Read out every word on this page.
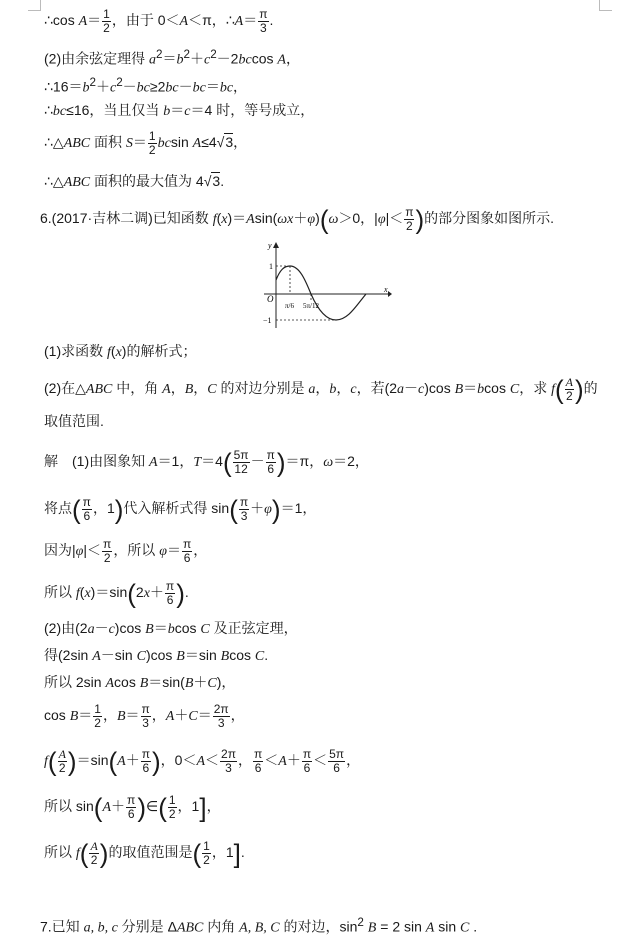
∴cos $A= \frac{1}{2}$ ，由于 0＜A＜π，∴A＝ $\frac{\pi}{3}$ .
(2)由余弦定理得 $a^2=b^2+c^2-2bccos$ A，
$\therefore 16=b^2+c^2-bc\ge 2bc-bc=bc$，
∴bc≤16，当且仅当 b＝c＝4 时，等号成立，
∴△ABC 面积 $S= \frac{1}{2}$ bcsin A≤4√3，
∴△ABC 面积的最大值为 4√3.
6.(2017·吉林二调)已知函数 f(x)＝Asin(ωx＋φ)(ω＞0，$|\varphi|< \frac{\pi}{2}$ )的部分图象如图所示.
y
x
O
1
−1
π/6 5π/12
(1)求函数 f(x)的解析式；
(2)在△ABC 中，角 A，B，C 的对边分别是 a，b，c，若(2a－c)cos B＝bcos C，求 $f( \frac{A}{2}$ )的
取值范围.
解　(1)由图象知 A＝1，$T=4( \frac{5\pi}{12} - \frac{\pi}{6} )=\pi$，ω＝2，
将点( $\frac{\pi}{6}$ ，1)代入解析式得 $\sin( \frac{\pi}{3} +\varphi)=1$，
因为$|\varphi|< \frac{\pi}{2}$ ，所以 $\varphi= \frac{\pi}{6}$ ，
所以 $f(x)=\sin(2x+ \frac{\pi}{6}$ ).
(2)由(2a－c)cos B＝bcos C 及正弦定理，
得(2sin A－sin C)cos B＝sin Bcos C.
所以 2sin Acos B＝sin(B＋C)，
$\cos B= \frac{1}{2}$ ，$B= \frac{\pi}{3}$ ，$A+C= \frac{2\pi}{3}$ ，
$f( \frac{A}{2} )=\sin(A+ \frac{\pi}{6}$ )，$0<A< \frac{2\pi}{3}$ ， $\frac{\pi}{6} <A+ \frac{\pi}{6} < \frac{5\pi}{6}$ ，
所以 $\sin(A+ \frac{\pi}{6}$ )∈( $\frac{1}{2}$ ，1]，
所以 $f( \frac{A}{2}$ )的取值范围是( $\frac{1}{2}$ ，1].
7.已知 a, b, c 分别是 ΔABC 内角 A, B, C 的对边，$\sin^2 B = 2$ sin A sin C .
